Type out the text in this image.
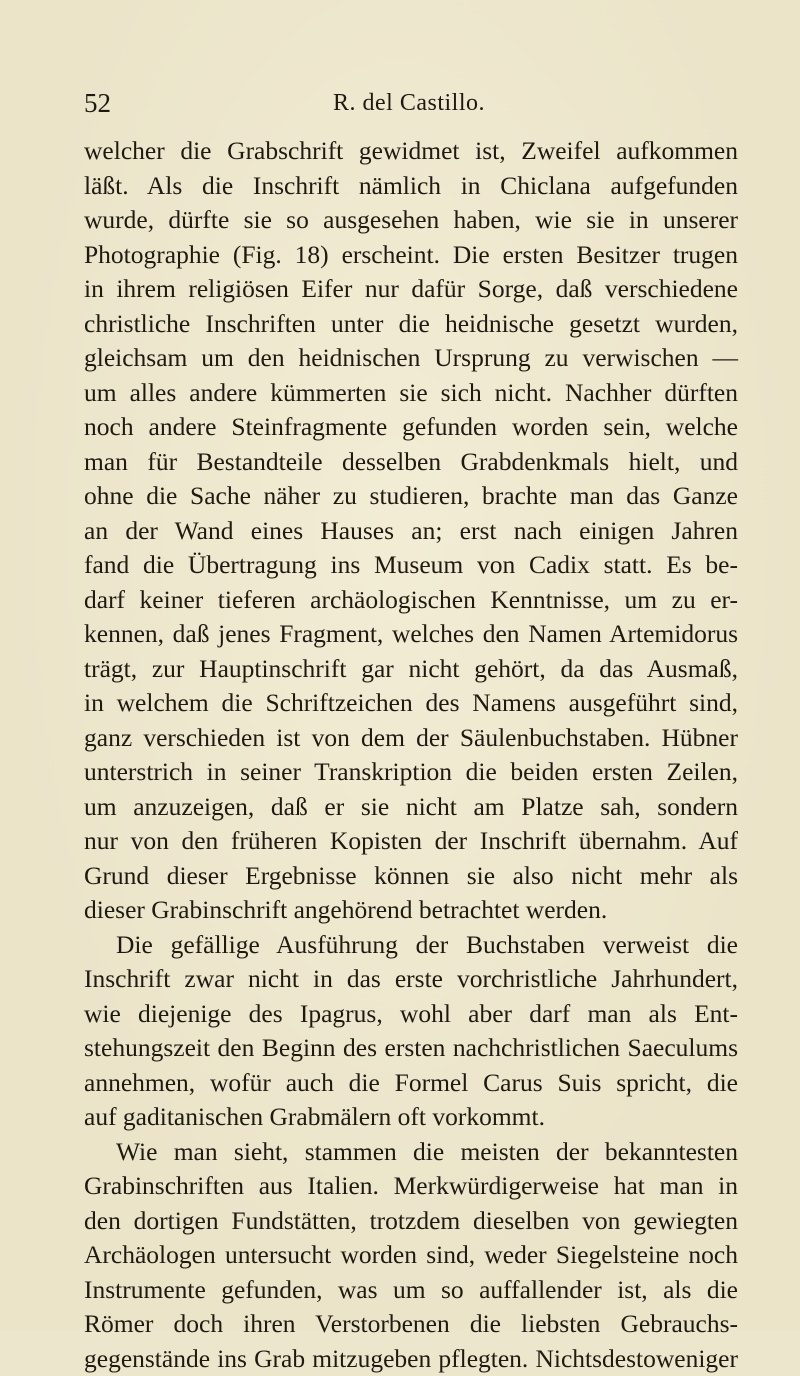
52	R. del Castillo.
welcher die Grabschrift gewidmet ist, Zweifel aufkommen
läßt. Als die Inschrift nämlich in Chiclana aufgefunden
wurde, dürfte sie so ausgesehen haben, wie sie in unserer
Photographie (Fig. 18) erscheint. Die ersten Besitzer trugen
in ihrem religiösen Eifer nur dafür Sorge, daß verschiedene
christliche Inschriften unter die heidnische gesetzt wurden,
gleichsam um den heidnischen Ursprung zu verwischen —
um alles andere kümmerten sie sich nicht. Nachher dürften
noch andere Steinfragmente gefunden worden sein, welche
man für Bestandteile desselben Grabdenkmals hielt, und
ohne die Sache näher zu studieren, brachte man das Ganze
an der Wand eines Hauses an; erst nach einigen Jahren
fand die Übertragung ins Museum von Cadix statt. Es be-
darf keiner tieferen archäologischen Kenntnisse, um zu er-
kennen, daß jenes Fragment, welches den Namen Artemidorus
trägt, zur Hauptinschrift gar nicht gehört, da das Ausmaß,
in welchem die Schriftzeichen des Namens ausgeführt sind,
ganz verschieden ist von dem der Säulenbuchstaben. Hübner
unterstrich in seiner Transkription die beiden ersten Zeilen,
um anzuzeigen, daß er sie nicht am Platze sah, sondern
nur von den früheren Kopisten der Inschrift übernahm. Auf
Grund dieser Ergebnisse können sie also nicht mehr als
dieser Grabinschrift angehörend betrachtet werden.
Die gefällige Ausführung der Buchstaben verweist die
Inschrift zwar nicht in das erste vorchristliche Jahrhundert,
wie diejenige des Ipagrus, wohl aber darf man als Ent-
stehungszeit den Beginn des ersten nachchristlichen Saeculums
annehmen, wofür auch die Formel Carus Suis spricht, die
auf gaditanischen Grabmälern oft vorkommt.
Wie man sieht, stammen die meisten der bekanntesten
Grabinschriften aus Italien. Merkwürdigerweise hat man in
den dortigen Fundstätten, trotzdem dieselben von gewiegten
Archäologen untersucht worden sind, weder Siegelsteine noch
Instrumente gefunden, was um so auffallender ist, als die
Römer doch ihren Verstorbenen die liebsten Gebrauchs-
gegenstände ins Grab mitzugeben pflegten. Nichtsdestoweniger
